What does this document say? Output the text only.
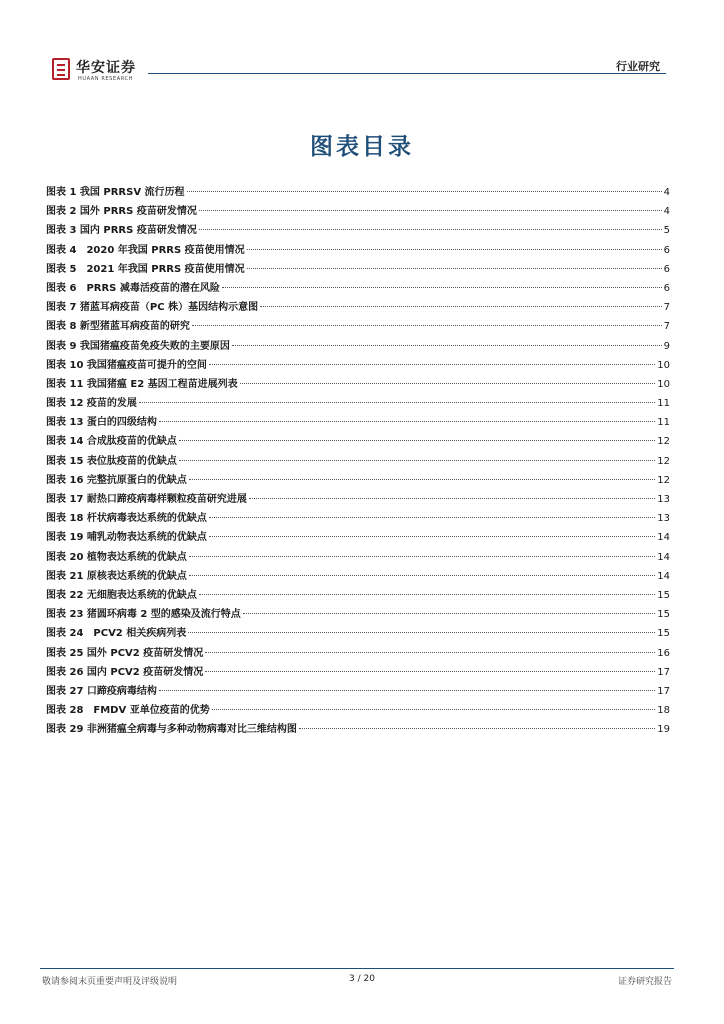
华安证券
HUAAN RESEARCH
行业研究
图表目录
图表 1 我国 PRRSV 流行历程	4
图表 2 国外 PRRS 疫苗研发情况	4
图表 3 国内 PRRS 疫苗研发情况	5
图表 4　2020 年我国 PRRS 疫苗使用情况	6
图表 5　2021 年我国 PRRS 疫苗使用情况	6
图表 6　PRRS 减毒活疫苗的潜在风险	6
图表 7 猪蓝耳病疫苗（PC 株）基因结构示意图	7
图表 8 新型猪蓝耳病疫苗的研究	7
图表 9 我国猪瘟疫苗免疫失败的主要原因	9
图表 10 我国猪瘟疫苗可提升的空间	10
图表 11 我国猪瘟 E2 基因工程苗进展列表	10
图表 12 疫苗的发展	11
图表 13 蛋白的四级结构	11
图表 14 合成肽疫苗的优缺点	12
图表 15 表位肽疫苗的优缺点	12
图表 16 完整抗原蛋白的优缺点	12
图表 17 耐热口蹄疫病毒样颗粒疫苗研究进展	13
图表 18 杆状病毒表达系统的优缺点	13
图表 19 哺乳动物表达系统的优缺点	14
图表 20 植物表达系统的优缺点	14
图表 21 原核表达系统的优缺点	14
图表 22 无细胞表达系统的优缺点	15
图表 23 猪圆环病毒 2 型的感染及流行特点	15
图表 24　PCV2 相关疾病列表	15
图表 25 国外 PCV2 疫苗研发情况	16
图表 26 国内 PCV2 疫苗研发情况	17
图表 27 口蹄疫病毒结构	17
图表 28　FMDV 亚单位疫苗的优势	18
图表 29 非洲猪瘟全病毒与多种动物病毒对比三维结构图	19
敬请参阅末页重要声明及评级说明	3 / 20	证券研究报告
